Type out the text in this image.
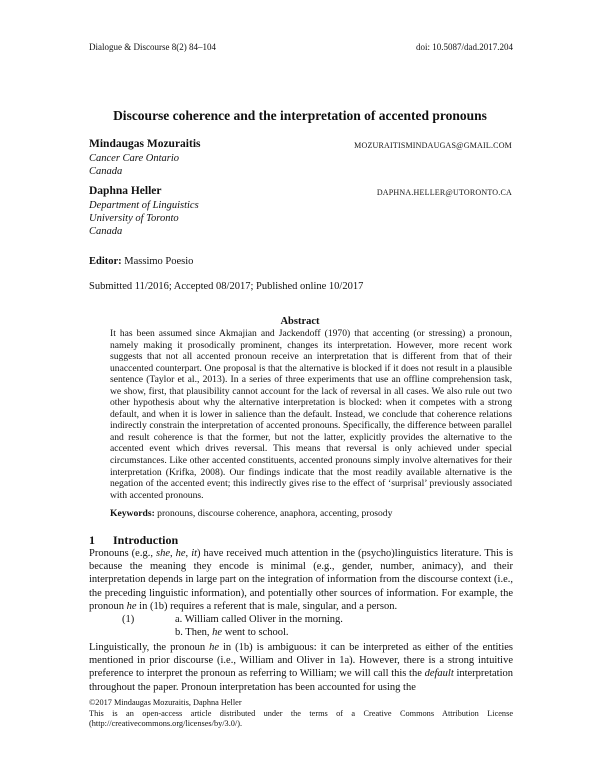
Dialogue & Discourse 8(2) 84–104	doi: 10.5087/dad.2017.204
Discourse coherence and the interpretation of accented pronouns
Mindaugas Mozuraitis	MOZURAITISMINDAUGAS@GMAIL.COM
Cancer Care Ontario
Canada
Daphna Heller	DAPHNA.HELLER@UTORONTO.CA
Department of Linguistics
University of Toronto
Canada
Editor: Massimo Poesio
Submitted 11/2016; Accepted 08/2017; Published online 10/2017
Abstract

It has been assumed since Akmajian and Jackendoff (1970) that accenting (or stressing) a pronoun, namely making it prosodically prominent, changes its interpretation. However, more recent work suggests that not all accented pronoun receive an interpretation that is different from that of their unaccented counterpart. One proposal is that the alternative is blocked if it does not result in a plausible sentence (Taylor et al., 2013). In a series of three experiments that use an offline comprehension task, we show, first, that plausibility cannot account for the lack of reversal in all cases. We also rule out two other hypothesis about why the alternative interpretation is blocked: when it competes with a strong default, and when it is lower in salience than the default. Instead, we conclude that coherence relations indirectly constrain the interpretation of accented pronouns. Specifically, the difference between parallel and result coherence is that the former, but not the latter, explicitly provides the alternative to the accented event which drives reversal. This means that reversal is only achieved under special circumstances. Like other accented constituents, accented pronouns simply involve alternatives for their interpretation (Krifka, 2008). Our findings indicate that the most readily available alternative is the negation of the accented event; this indirectly gives rise to the effect of ‘surprisal’ previously associated with accented pronouns.

Keywords: pronouns, discourse coherence, anaphora, accenting, prosody
1 Introduction

Pronouns (e.g., she, he, it) have received much attention in the (psycho)linguistics literature. This is because the meaning they encode is minimal (e.g., gender, number, animacy), and their interpretation depends in large part on the integration of information from the discourse context (i.e., the preceding linguistic information), and potentially other sources of information. For example, the pronoun he in (1b) requires a referent that is male, singular, and a person.

(1)	a. William called Oliver in the morning.
b. Then, he went to school.

Linguistically, the pronoun he in (1b) is ambiguous: it can be interpreted as either of the entities mentioned in prior discourse (i.e., William and Oliver in 1a). However, there is a strong intuitive preference to interpret the pronoun as referring to William; we will call this the default interpretation throughout the paper. Pronoun interpretation has been accounted for using the

©2017 Mindaugas Mozuraitis, Daphna Heller

This is an open-access article distributed under the terms of a Creative Commons Attribution License (http://creativecommons.org/licenses/by/3.0/).
